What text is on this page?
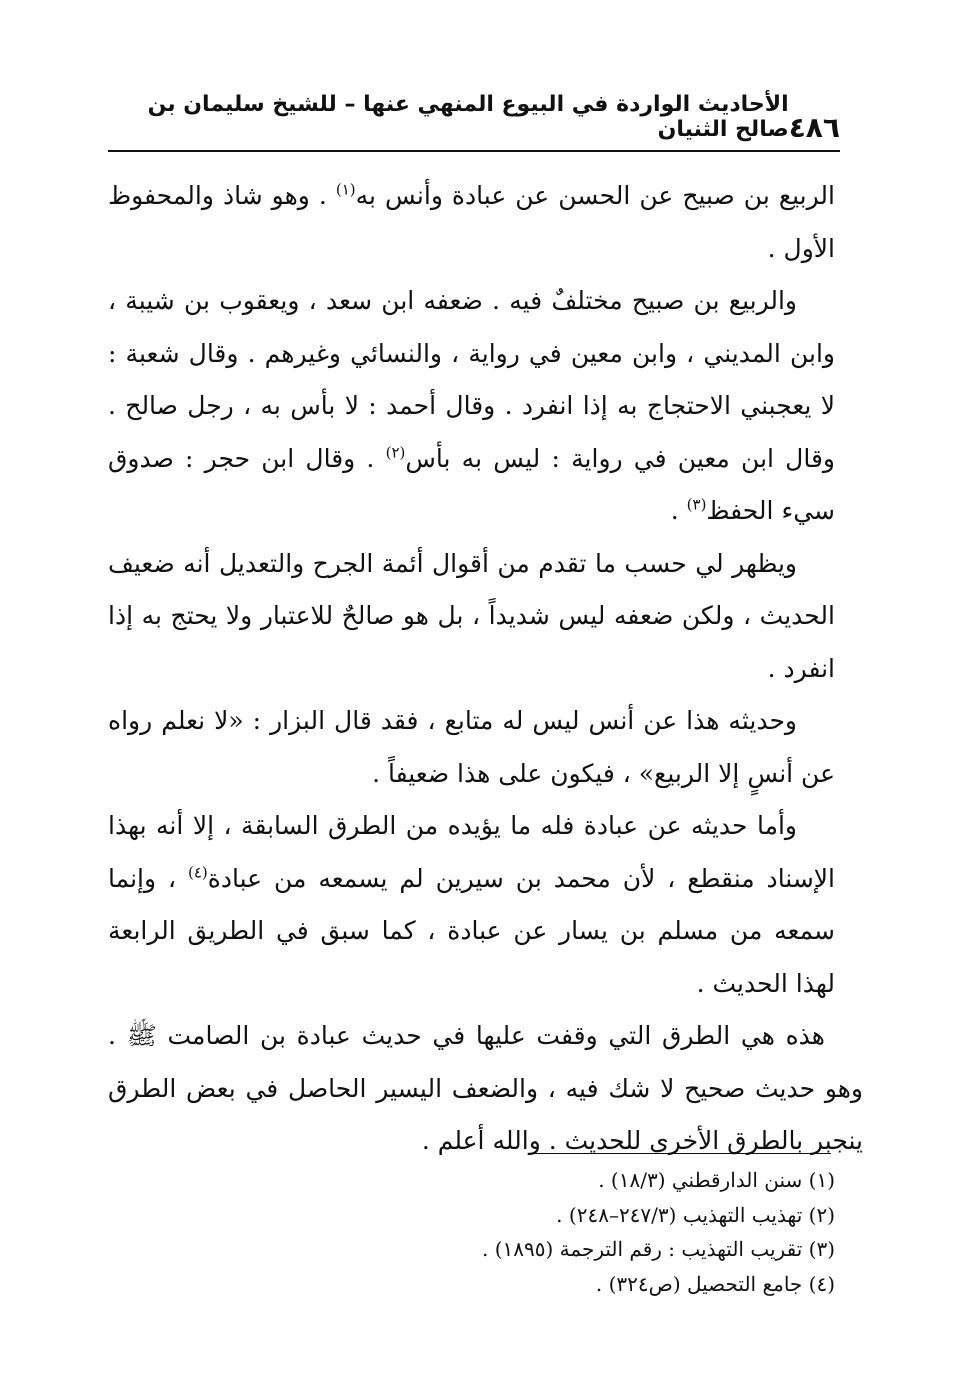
٤٨٦
الأحاديث الواردة في البيوع المنهي عنها – للشيخ سليمان بن صالح الثنيان

الربيع بن صبيح عن الحسن عن عبادة وأنس به$^{(١)}$ . وهو شاذ والمحفوظ الأول .

والربيع بن صبيح مختلفٌ فيه . ضعفه ابن سعد ، ويعقوب بن شيبة ، وابن المديني ، وابن معين في رواية ، والنسائي وغيرهم . وقال شعبة : لا يعجبني الاحتجاج به إذا انفرد . وقال أحمد : لا بأس به ، رجل صالح . وقال ابن معين في رواية : ليس به بأس$^{(٢)}$ . وقال ابن حجر : صدوق سيء الحفظ$^{(٣)}$ .

ويظهر لي حسب ما تقدم من أقوال أئمة الجرح والتعديل أنه ضعيف الحديث ، ولكن ضعفه ليس شديداً ، بل هو صالحٌ للاعتبار ولا يحتج به إذا انفرد .

وحديثه هذا عن أنس ليس له متابع ، فقد قال البزار : «لا نعلم رواه عن أنسٍ إلا الربيع» ، فيكون على هذا ضعيفاً .

وأما حديثه عن عبادة فله ما يؤيده من الطرق السابقة ، إلا أنه بهذا الإسناد منقطع ، لأن محمد بن سيرين لم يسمعه من عبادة$^{(٤)}$ ، وإنما سمعه من مسلم بن يسار عن عبادة ، كما سبق في الطريق الرابعة لهذا الحديث .

هذه هي الطرق التي وقفت عليها في حديث عبادة بن الصامت ﷺ . وهو حديث صحيح لا شك فيه ، والضعف اليسير الحاصل في بعض الطرق ينجبر بالطرق الأخرى للحديث . والله أعلم .

(١) سنن الدارقطني (١٨/٣) .

(٢) تهذيب التهذيب (٢٤٧/٣–٢٤٨) .

(٣) تقريب التهذيب : رقم الترجمة (١٨٩٥) .

(٤) جامع التحصيل (ص٣٢٤) .
